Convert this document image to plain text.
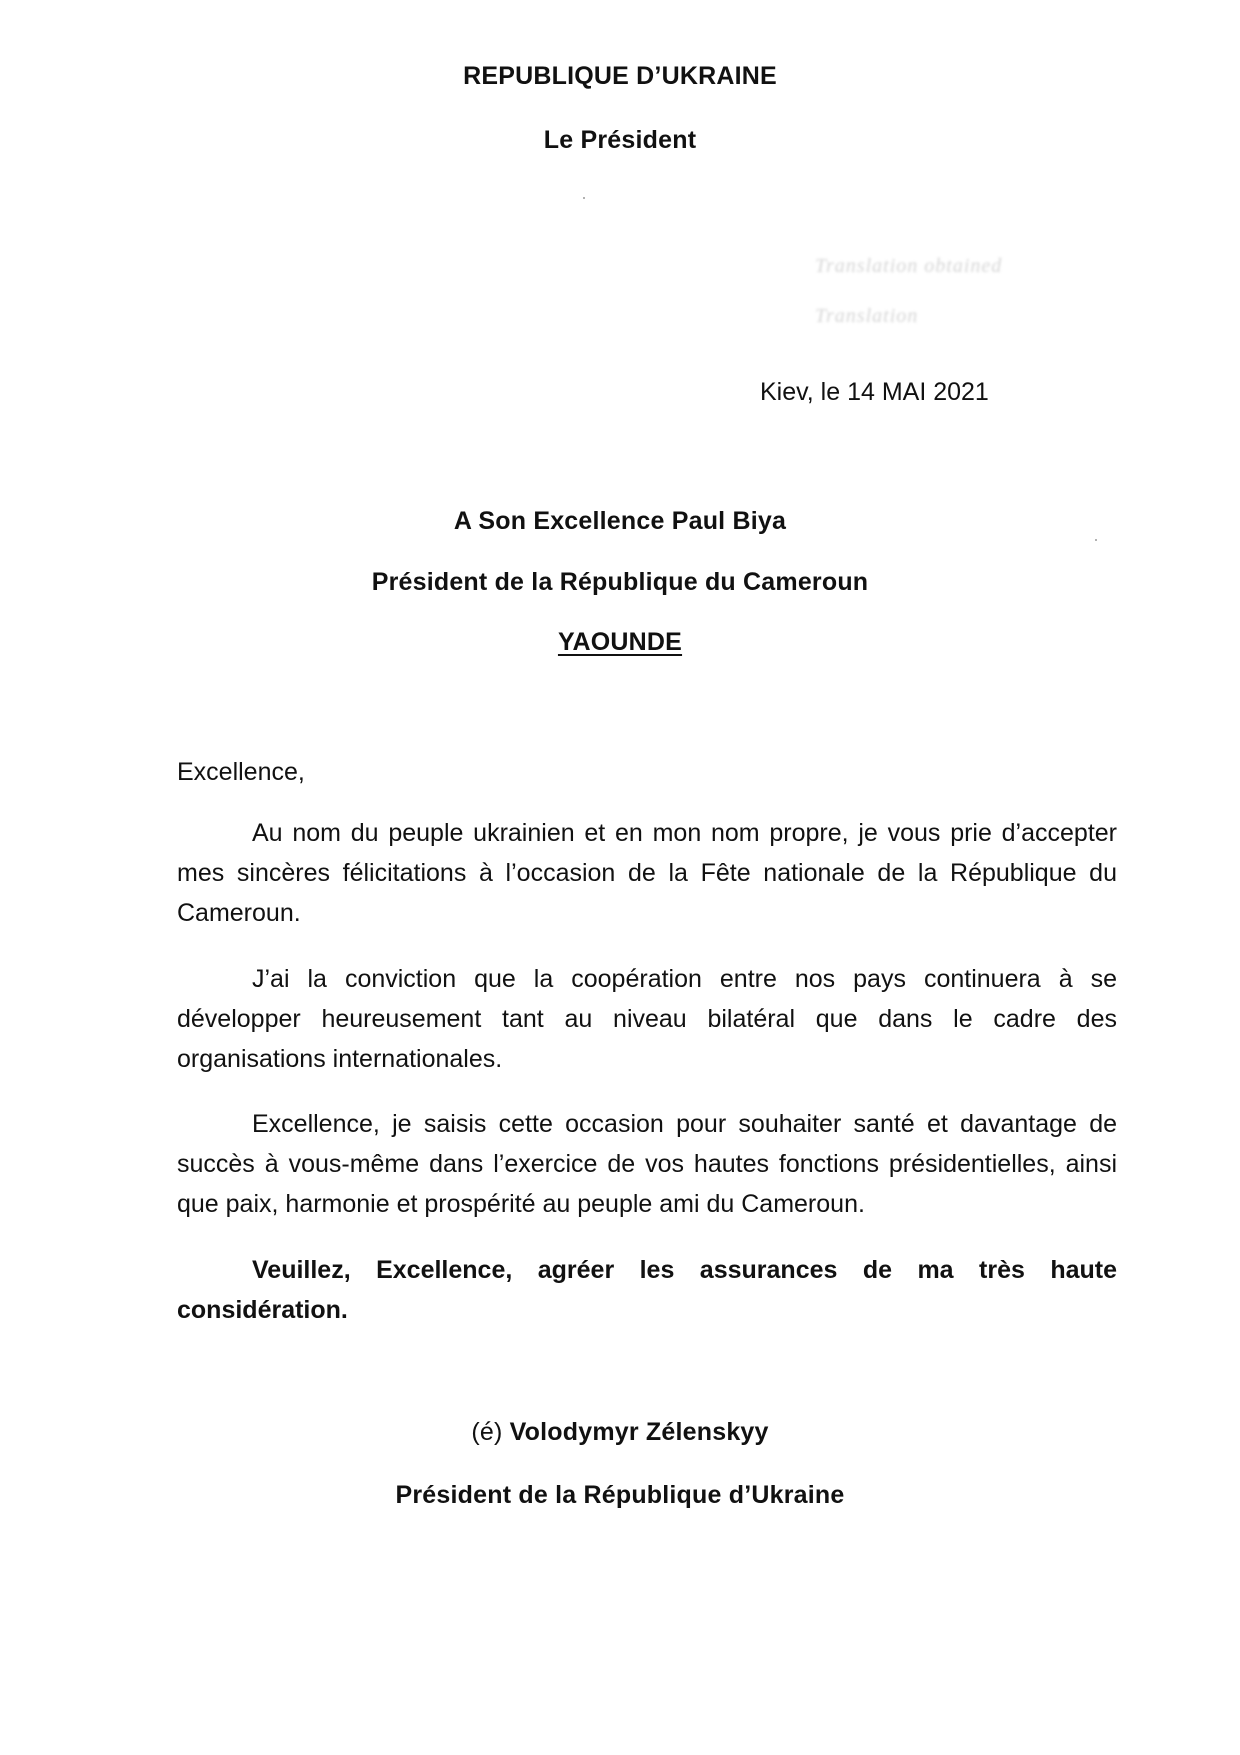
REPUBLIQUE D’UKRAINE
Le Président
Translation obtained
Translation
Kiev, le 14 MAI 2021
A Son Excellence Paul Biya
Président de la République du Cameroun
YAOUNDE
Excellence,
Au nom du peuple ukrainien et en mon nom propre, je vous prie d’accepter mes sincères félicitations à l’occasion de la Fête nationale de la République du Cameroun.
J’ai la conviction que la coopération entre nos pays continuera à se développer heureusement tant au niveau bilatéral que dans le cadre des organisations internationales.
Excellence, je saisis cette occasion pour souhaiter santé et davantage de succès à vous-même dans l’exercice de vos hautes fonctions présidentielles, ainsi que paix, harmonie et prospérité au peuple ami du Cameroun.
Veuillez, Excellence, agréer les assurances de ma très haute considération.
(é) Volodymyr Zélenskyy
Président de la République d’Ukraine
